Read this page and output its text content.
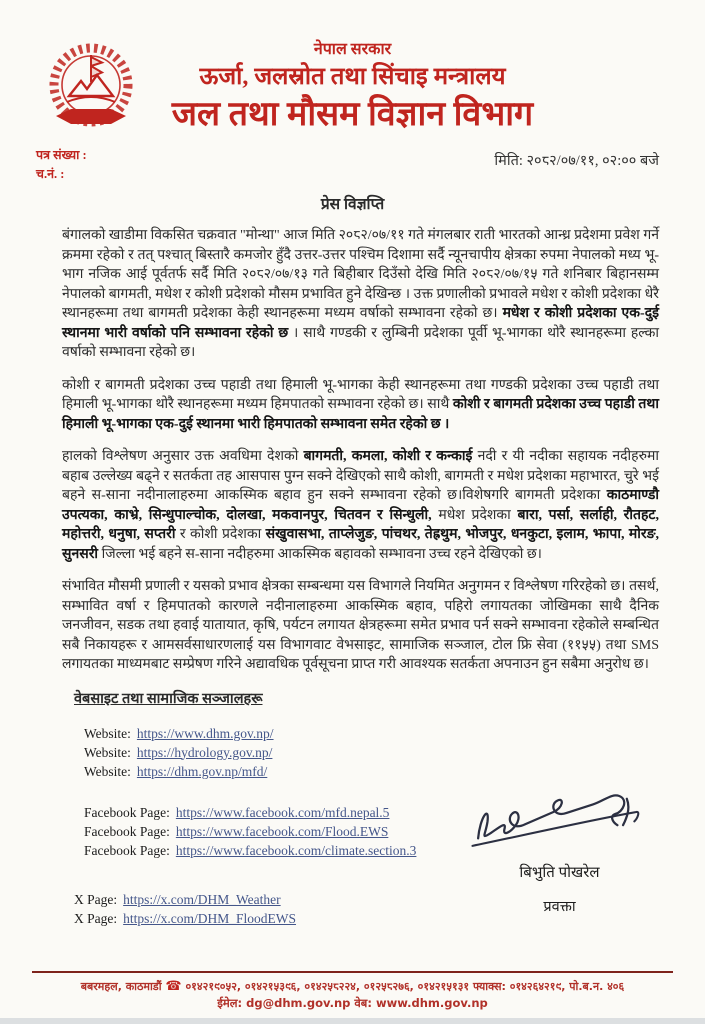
नेपाल सरकार
ऊर्जा, जलस्रोत तथा सिंचाइ मन्त्रालय
जल तथा मौसम विज्ञान विभाग
पत्र संख्या :
च.नं. :
मिति: २०८२/०७/११, ०२:०० बजे
प्रेस विज्ञप्ति

बंगालको खाडीमा विकसित चक्रवात "मोन्था" आज मिति २०८२/०७/११ गते मंगलबार राती भारतको आन्ध्र प्रदेशमा प्रवेश गर्ने क्रममा रहेको र तत् पश्चात् बिस्तारै कमजोर हुँदै उत्तर-उत्तर पश्चिम दिशामा सर्दै न्यूनचापीय क्षेत्रका रुपमा नेपालको मध्य भू-भाग नजिक आई पूर्वतर्फ सर्दै मिति २०८२/०७/१३ गते बिहीबार दिउँसो देखि मिति २०८२/०७/१५ गते शनिबार बिहानसम्म नेपालको बागमती, मधेश र कोशी प्रदेशको मौसम प्रभावित हुने देखिन्छ । उक्त प्रणालीको प्रभावले मधेश र कोशी प्रदेशका धेरै स्थानहरूमा तथा बागमती प्रदेशका केही स्थानहरूमा मध्यम वर्षाको सम्भावना रहेको छ। मधेश र कोशी प्रदेशका एक-दुई स्थानमा भारी वर्षाको पनि सम्भावना रहेको छ । साथै गण्डकी र लुम्बिनी प्रदेशका पूर्वी भू-भागका थोरै स्थानहरूमा हल्का वर्षाको सम्भावना रहेको छ।

कोशी र बागमती प्रदेशका उच्च पहाडी तथा हिमाली भू-भागका केही स्थानहरूमा तथा गण्डकी प्रदेशका उच्च पहाडी तथा हिमाली भू-भागका थोरै स्थानहरूमा मध्यम हिमपातको सम्भावना रहेको छ। साथै कोशी र बागमती प्रदेशका उच्च पहाडी तथा हिमाली भू-भागका एक-दुई स्थानमा भारी हिमपातको सम्भावना समेत रहेको छ ।

हालको विश्लेषण अनुसार उक्त अवधिमा देशको बागमती, कमला, कोशी र कन्काई नदी र यी नदीका सहायक नदीहरुमा बहाब उल्लेख्य बढ्ने र सतर्कता तह आसपास पुग्न सक्ने देखिएको साथै कोशी, बागमती र मधेश प्रदेशका महाभारत, चुरे भई बहने स-साना नदीनालाहरुमा आकस्मिक बहाव हुन सक्ने सम्भावना रहेको छ।विशेषगरि बागमती प्रदेशका काठमाण्डौ उपत्यका, काभ्रे, सिन्धुपाल्चोक, दोलखा, मकवानपुर, चितवन र सिन्धुली, मधेश प्रदेशका बारा, पर्सा, सर्लाही, रौतहट, महोत्तरी, धनुषा, सप्तरी र कोशी प्रदेशका संखुवासभा, ताप्लेजुङ, पांचथर, तेह्रथुम, भोजपुर, धनकुटा, इलाम, झापा, मोरङ, सुनसरी जिल्ला भई बहने स-साना नदीहरुमा आकस्मिक बहावको सम्भावना उच्च रहने देखिएको छ।

संभावित मौसमी प्रणाली र यसको प्रभाव क्षेत्रका सम्बन्धमा यस विभागले नियमित अनुगमन र विश्लेषण गरिरहेको छ। तसर्थ, सम्भावित वर्षा र हिमपातको कारणले नदीनालाहरुमा आकस्मिक बहाव, पहिरो लगायतका जोखिमका साथै दैनिक जनजीवन, सडक तथा हवाई यातायात, कृषि, पर्यटन लगायत क्षेत्रहरूमा समेत प्रभाव पर्न सक्ने सम्भावना रहेकोले सम्बन्धित सबै निकायहरू र आमसर्वसाधारणलाई यस विभागवाट वेभसाइट, सामाजिक सञ्जाल, टोल फ्रि सेवा (११५५) तथा SMS लगायतका माध्यमबाट सम्प्रेषण गरिने अद्यावधिक पूर्वसूचना प्राप्त गरी आवश्यक सतर्कता अपनाउन हुन सबैमा अनुरोध छ।

वेबसाइट तथा सामाजिक सञ्जालहरू
Website: https://www.dhm.gov.np/
Website: https://hydrology.gov.np/
Website: https://dhm.gov.np/mfd/
Facebook Page: https://www.facebook.com/mfd.nepal.5
Facebook Page: https://www.facebook.com/Flood.EWS
Facebook Page: https://www.facebook.com/climate.section.3
X Page: https://x.com/DHM_Weather
X Page: https://x.com/DHM_FloodEWS
बिभुति पोखरेल
प्रवक्ता
बबरमहल, काठमाडौं ☎ ०१४२१९०५२, ०१४२१५३९६, ०१४२५८२२४, ०१२५८२७६, ०१४२१५१३१ फ्याक्स: ०१४२६४२१९, पो.ब.न. ४०६
ईमेल: dg@dhm.gov.np वेब: www.dhm.gov.np
